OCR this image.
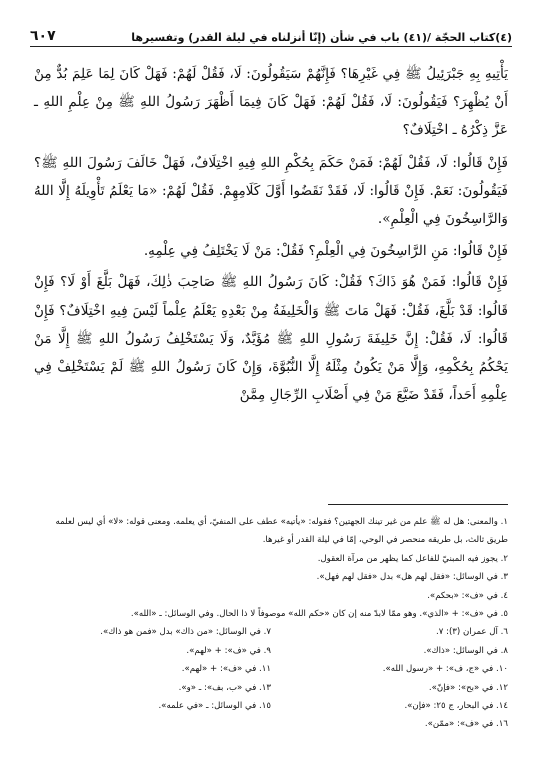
(٤)كتاب الحجّة /(٤١) باب في شأن (إنّا أنزلناه في ليلة القدر) وتفسيرها
٦٠٧

يَأْتِيهِ بِهِ جَبْرَئِيلُ ﷺ فِي غَيْرِهَا؟ فَإِنَّهُمْ سَيَقُولُونَ: لَا، فَقُلْ لَهُمْ: فَهَلْ كَانَ لِمَا عَلِمَ بُدٌّ مِنْ أَنْ يُظْهِرَ؟ فَيَقُولُونَ: لَا، فَقُلْ لَهُمْ: فَهَلْ كَانَ فِيمَا أَظْهَرَ رَسُولُ اللهِ ﷺ مِنْ عِلْمِ اللهِ ـ عَزَّ ذِكْرُهُ ـ اخْتِلَافٌ؟

فَإِنْ قَالُوا: لَا، فَقُلْ لَهُمْ: فَمَنْ حَكَمَ بِحُكْمِ اللهِ فِيهِ اخْتِلَافٌ، فَهَلْ خَالَفَ رَسُولَ اللهِ ﷺ؟ فَيَقُولُونَ: نَعَمْ. فَإِنْ قَالُوا: لَا، فَقَدْ نَقَضُوا أَوَّلَ كَلَامِهِمْ. فَقُلْ لَهُمْ: «مَا يَعْلَمُ تَأْوِيلَهُ إِلَّا اللهُ وَالرَّاسِخُونَ فِي الْعِلْمِ».

فَإِنْ قَالُوا: مَنِ الرَّاسِخُونَ فِي الْعِلْمِ؟ فَقُلْ: مَنْ لَا يَخْتَلِفُ فِي عِلْمِهِ.

فَإِنْ قَالُوا: فَمَنْ هُوَ ذَاكَ؟ فَقُلْ: كَانَ رَسُولُ اللهِ ﷺ صَاحِبَ ذٰلِكَ، فَهَلْ بَلَّغَ أَوْ لَا؟ فَإِنْ قَالُوا: قَدْ بَلَّغَ، فَقُلْ: فَهَلْ مَاتَ ﷺ وَالْخَلِيفَةُ مِنْ بَعْدِهِ يَعْلَمُ عِلْماً لَيْسَ فِيهِ اخْتِلَافٌ؟ فَإِنْ قَالُوا: لَا، فَقُلْ: إِنَّ خَلِيفَةَ رَسُولِ اللهِ ﷺ مُؤَيَّدٌ، وَلَا يَسْتَخْلِفُ رَسُولُ اللهِ ﷺ إِلَّا مَنْ يَحْكُمُ بِحُكْمِهِ، وَإِلَّا مَنْ يَكُونُ مِثْلَهُ إِلَّا النُّبُوَّةَ، وَإِنْ كَانَ رَسُولُ اللهِ ﷺ لَمْ يَسْتَخْلِفْ فِي عِلْمِهِ أَحَداً، فَقَدْ ضَيَّعَ مَنْ فِي أَصْلَابِ الرِّجَالِ مِمَّنْ

١. والمعنى: هل له ﷺ علم من غير تينك الجهتين؟ فقوله: «يأتيه» عطف على المنفيّ، أي يعلمه. ومعنى قوله: «لا» أي ليس لعلمه طريق ثالث، بل طريقه منحصر في الوحي، إمّا في ليلة القدر أو غيرها.

٢. يجوز فيه المبنيّ للفاعل كما يظهر من مرآة العقول.

٣. في الوسائل: «فقل لهم هل» بدل «فقل لهم فهل».

٤. في «ف»: «بحكم».

٥. في «ف»: + «الذي». وهو ممّا لابدّ منه إن كان «حكم الله» موصوفاً لا ذا الحال. وفي الوسائل: ـ «الله».

٦. آل عمران (٣): ٧.
٧. في الوسائل: «من ذاك» بدل «فمن هو ذاك».
٨. في الوسائل: «ذاك».
٩. في «ف»: + «لهم».
١٠. في «ج، ف»: + «رسول الله».
١١. في «ف»: + «لهم».
١٢. في «بح»: «فإنّ».
١٣. في «ب، بف»: ـ «و».
١٤. في البحار، ج ٢٥: «فإن».
١٥. في الوسائل: ـ «في علمه».
١٦. في «ف»: «ممّن».
